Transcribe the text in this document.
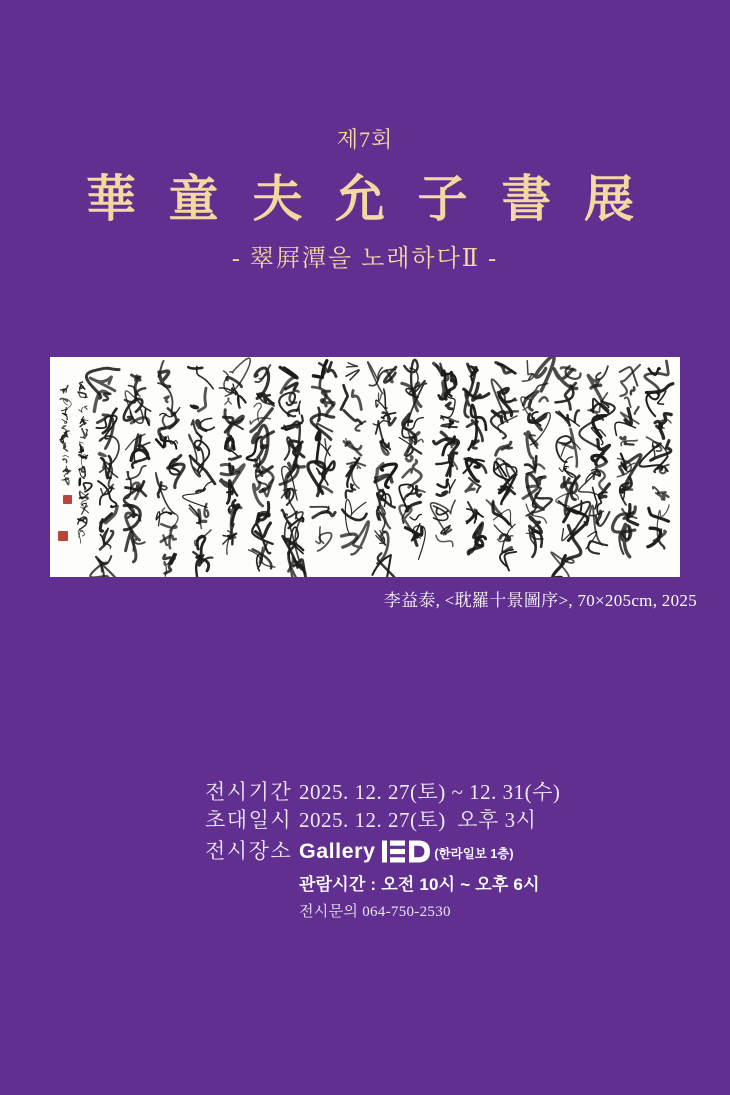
제7회
華 童 夫 允 子 書 展
- 翠屛潭을 노래하다Ⅱ -
李益泰, <耽羅十景圖序>, 70×205cm, 2025
전시기간 2025. 12. 27(토) ~ 12. 31(수)
초대일시 2025. 12. 27(토)  오후 3시
전시장소 Gallery	(한라일보 1층)
관람시간 : 오전 10시 ~ 오후 6시
전시문의 064-750-2530
